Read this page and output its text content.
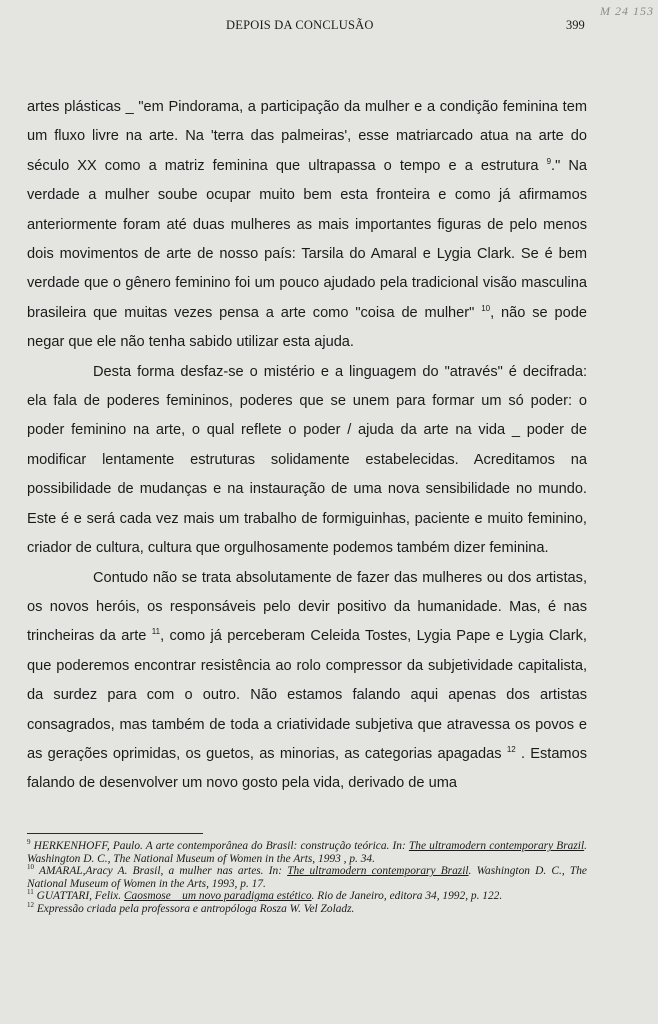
DEPOIS DA CONCLUSÃO	399
M 24 153

artes plásticas _ "em Pindorama, a participação da mulher e a condição feminina tem um fluxo livre na arte. Na 'terra das palmeiras', esse matriarcado atua na arte do século XX como a matriz feminina que ultrapassa o tempo e a estrutura $^9$." Na verdade a mulher soube ocupar muito bem esta fronteira e como já afirmamos anteriormente foram até duas mulheres as mais importantes figuras de pelo menos dois movimentos de arte de nosso país: Tarsila do Amaral e Lygia Clark. Se é bem verdade que o gênero feminino foi um pouco ajudado pela tradicional visão masculina brasileira que muitas vezes pensa a arte como "coisa de mulher" $^{10}$, não se pode negar que ele não tenha sabido utilizar esta ajuda.

Desta forma desfaz-se o mistério e a linguagem do "através" é decifrada: ela fala de poderes femininos, poderes que se unem para formar um só poder: o poder feminino na arte, o qual reflete o poder / ajuda da arte na vida _ poder de modificar lentamente estruturas solidamente estabelecidas. Acreditamos na possibilidade de mudanças e na instauração de uma nova sensibilidade no mundo. Este é e será cada vez mais um trabalho de formiguinhas, paciente e muito feminino, criador de cultura, cultura que orgulhosamente podemos também dizer feminina.

Contudo não se trata absolutamente de fazer das mulheres ou dos artistas, os novos heróis, os responsáveis pelo devir positivo da humanidade. Mas, é nas trincheiras da arte $^{11}$, como já perceberam Celeida Tostes, Lygia Pape e Lygia Clark, que poderemos encontrar resistência ao rolo compressor da subjetividade capitalista, da surdez para com o outro. Não estamos falando aqui apenas dos artistas consagrados, mas também de toda a criatividade subjetiva que atravessa os povos e as gerações oprimidas, os guetos, as minorias, as categorias apagadas $^{12}$ . Estamos falando de desenvolver um novo gosto pela vida, derivado de uma

$^9$ HERKENHOFF, Paulo. A arte contemporânea do Brasil: construção teórica. In: The ultramodern contemporary Brazil. Washington D. C., The National Museum of Women in the Arts, 1993 , p. 34.

$^{10}$ AMARAL,Aracy A. Brasil, a mulher nas artes. In: The ultramodern contemporary Brazil. Washington D. C., The National Museum of Women in the Arts, 1993, p. 17.

$^{11}$ GUATTARI, Felix. Caosmose _ um novo paradigma estético. Rio de Janeiro, editora 34, 1992, p. 122.

$^{12}$ Expressão criada pela professora e antropóloga Rosza W. Vel Zoladz.
